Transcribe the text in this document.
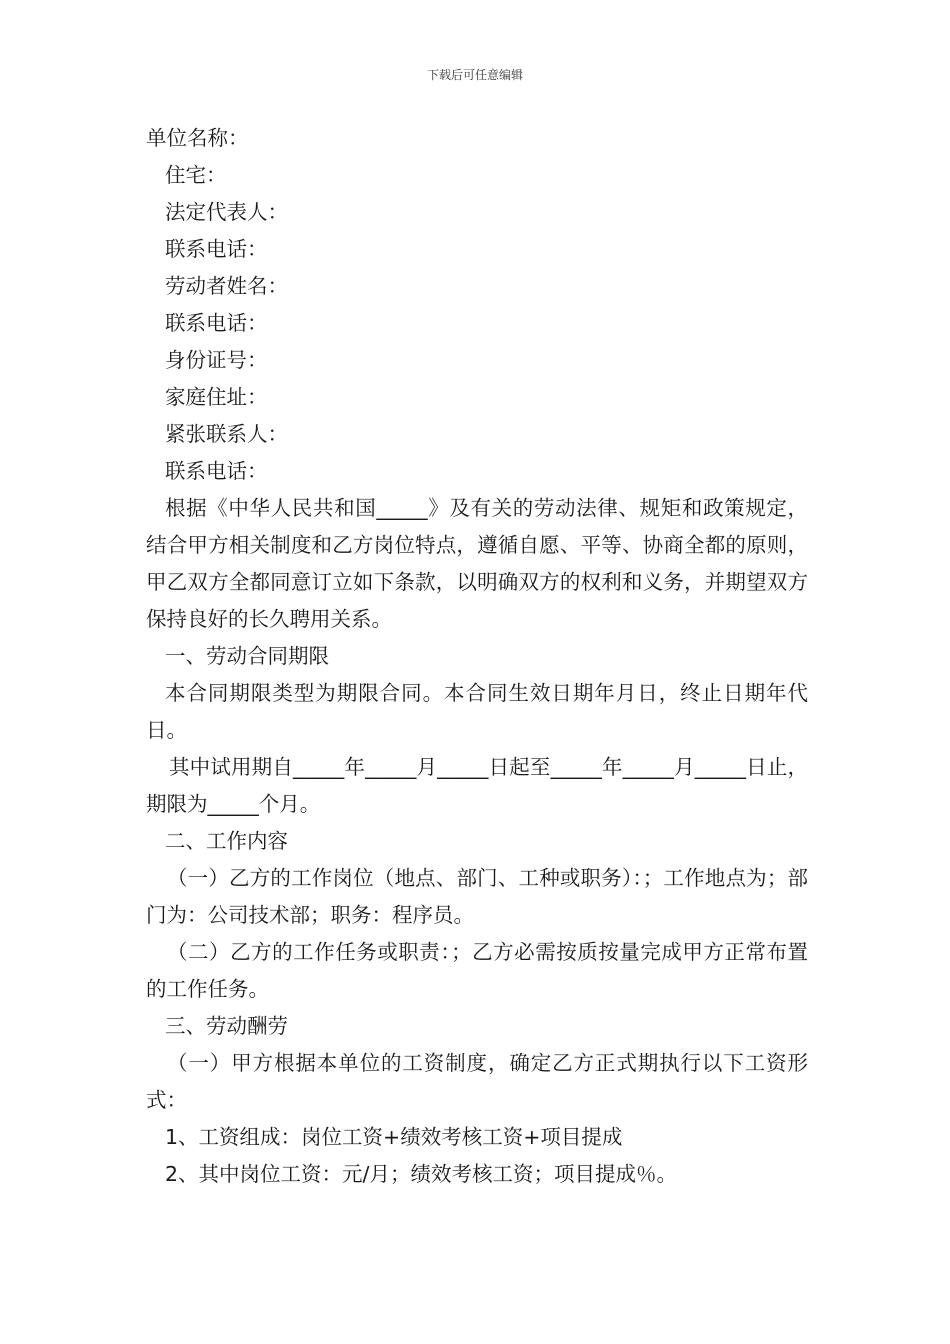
下载后可任意编辑
单位名称：
住宅：
法定代表人：
联系电话：
劳动者姓名：
联系电话：
身份证号：
家庭住址：
紧张联系人：
联系电话：
根据《中华人民共和国_____》及有关的劳动法律、规矩和政策规定，结合甲方相关制度和乙方岗位特点，遵循自愿、平等、协商全都的原则，甲乙双方全都同意订立如下条款，以明确双方的权利和义务，并期望双方保持良好的长久聘用关系。
一、劳动合同期限
本合同期限类型为期限合同。本合同生效日期年月日，终止日期年代日。
其中试用期自_____年_____月_____日起至_____年_____月_____日止，期限为_____个月。
二、工作内容
（一）乙方的工作岗位（地点、部门、工种或职务）：；工作地点为；部门为：公司技术部；职务：程序员。
（二）乙方的工作任务或职责：；乙方必需按质按量完成甲方正常布置的工作任务。
三、劳动酬劳
（一）甲方根据本单位的工资制度，确定乙方正式期执行以下工资形式：
1、工资组成：岗位工资+绩效考核工资+项目提成
2、其中岗位工资：元/月；绩效考核工资；项目提成％。
